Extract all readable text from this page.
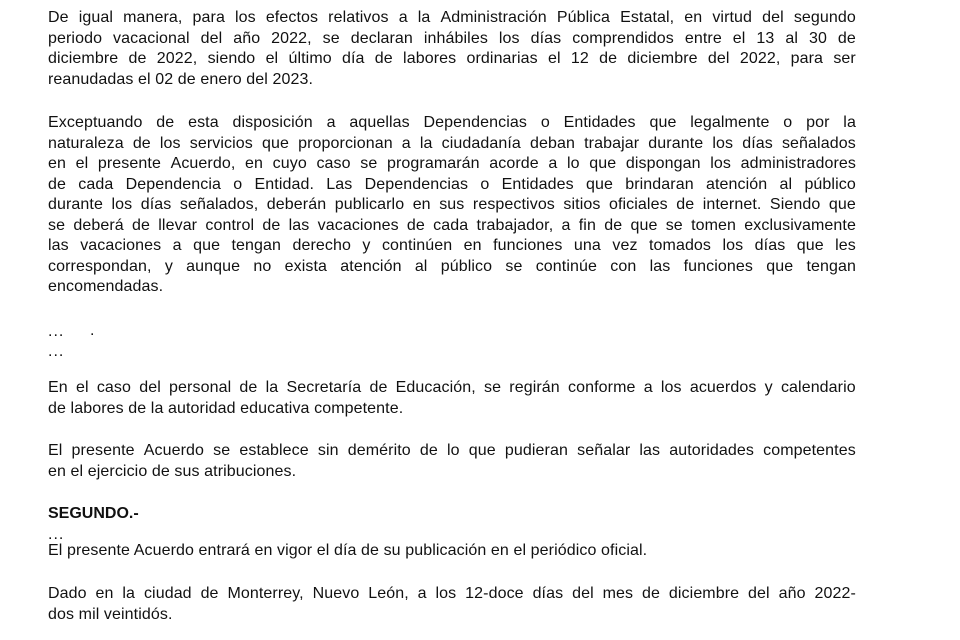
De igual manera, para los efectos relativos a la Administración Pública Estatal, en virtud del segundo
periodo vacacional del año 2022, se declaran inhábiles los días comprendidos entre el 13 al 30 de
diciembre de 2022, siendo el último día de labores ordinarias el 12 de diciembre del 2022, para ser
reanudadas el 02 de enero del 2023.
Exceptuando de esta disposición a aquellas Dependencias o Entidades que legalmente o por la
naturaleza de los servicios que proporcionan a la ciudadanía deban trabajar durante los días señalados
en el presente Acuerdo, en cuyo caso se programarán acorde a lo que dispongan los administradores
de cada Dependencia o Entidad. Las Dependencias o Entidades que brindaran atención al público
durante los días señalados, deberán publicarlo en sus respectivos sitios oficiales de internet. Siendo que
se deberá de llevar control de las vacaciones de cada trabajador, a fin de que se tomen exclusivamente
las vacaciones a que tengan derecho y continúen en funciones una vez tomados los días que les
correspondan, y aunque no exista atención al público se continúe con las funciones que tengan
encomendadas.
... .
...
En el caso del personal de la Secretaría de Educación, se regirán conforme a los acuerdos y calendario
de labores de la autoridad educativa competente.
El presente Acuerdo se establece sin demérito de lo que pudieran señalar las autoridades competentes
en el ejercicio de sus atribuciones.
SEGUNDO.-
...
El presente Acuerdo entrará en vigor el día de su publicación en el periódico oficial.
Dado en la ciudad de Monterrey, Nuevo León, a los 12-doce días del mes de diciembre del año 2022-
dos mil veintidós.
